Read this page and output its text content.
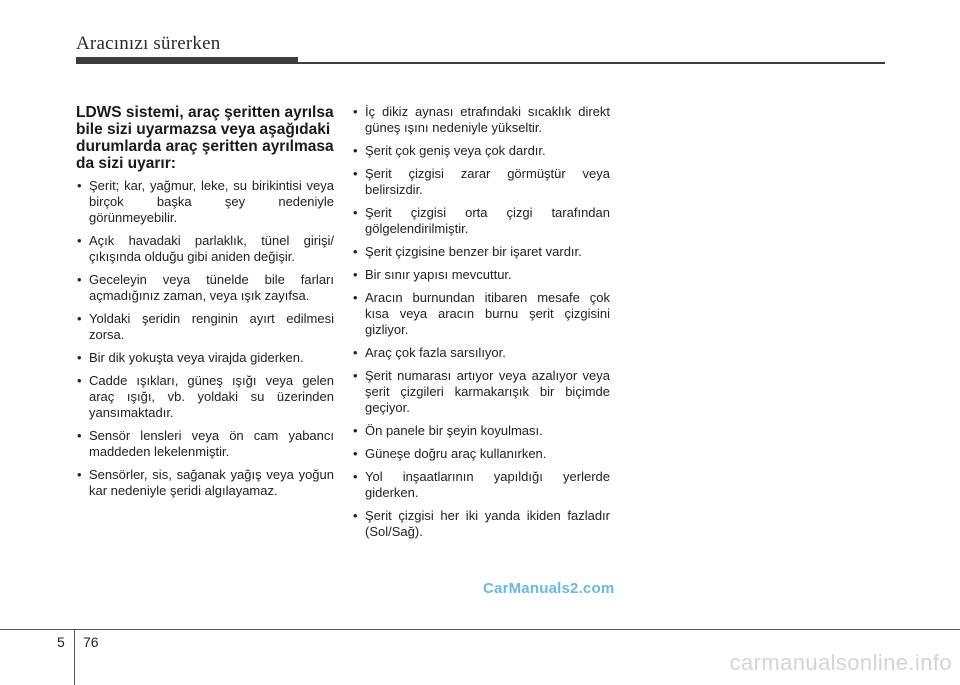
Aracınızı sürerken
LDWS sistemi, araç şeritten ayrılsa bile sizi uyarmazsa veya aşağıdaki durumlarda araç şeritten ayrılmasa da sizi uyarır:
• Şerit; kar, yağmur, leke, su birikintisi veya birçok başka şey nedeniyle görünmeyebilir.
• Açık havadaki parlaklık, tünel girişi/çıkışında olduğu gibi aniden değişir.
• Geceleyin veya tünelde bile farları açmadığınız zaman, veya ışık zayıfsa.
• Yoldaki şeridin renginin ayırt edilmesi zorsa.
• Bir dik yokuşta veya virajda giderken.
• Cadde ışıkları, güneş ışığı veya gelen araç ışığı, vb. yoldaki su üzerinden yansımaktadır.
• Sensör lensleri veya ön cam yabancı maddeden lekelenmiştir.
• Sensörler, sis, sağanak yağış veya yoğun kar nedeniyle şeridi algılayamaz.
• İç dikiz aynası etrafındaki sıcaklık direkt güneş ışını nedeniyle yükseltir.
• Şerit çok geniş veya çok dardır.
• Şerit çizgisi zarar görmüştür veya belirsizdir.
• Şerit çizgisi orta çizgi tarafından gölgelendirilmiştir.
• Şerit çizgisine benzer bir işaret vardır.
• Bir sınır yapısı mevcuttur.
• Aracın burnundan itibaren mesafe çok kısa veya aracın burnu şerit çizgisini gizliyor.
• Araç çok fazla sarsılıyor.
• Şerit numarası artıyor veya azalıyor veya şerit çizgileri karmakarışık bir biçimde geçiyor.
• Ön panele bir şeyin koyulması.
• Güneşe doğru araç kullanırken.
• Yol inşaatlarının yapıldığı yerlerde giderken.
• Şerit çizgisi her iki yanda ikiden fazladır (Sol/Sağ).
CarManuals2.com
5 76
carmanualsonline.info
